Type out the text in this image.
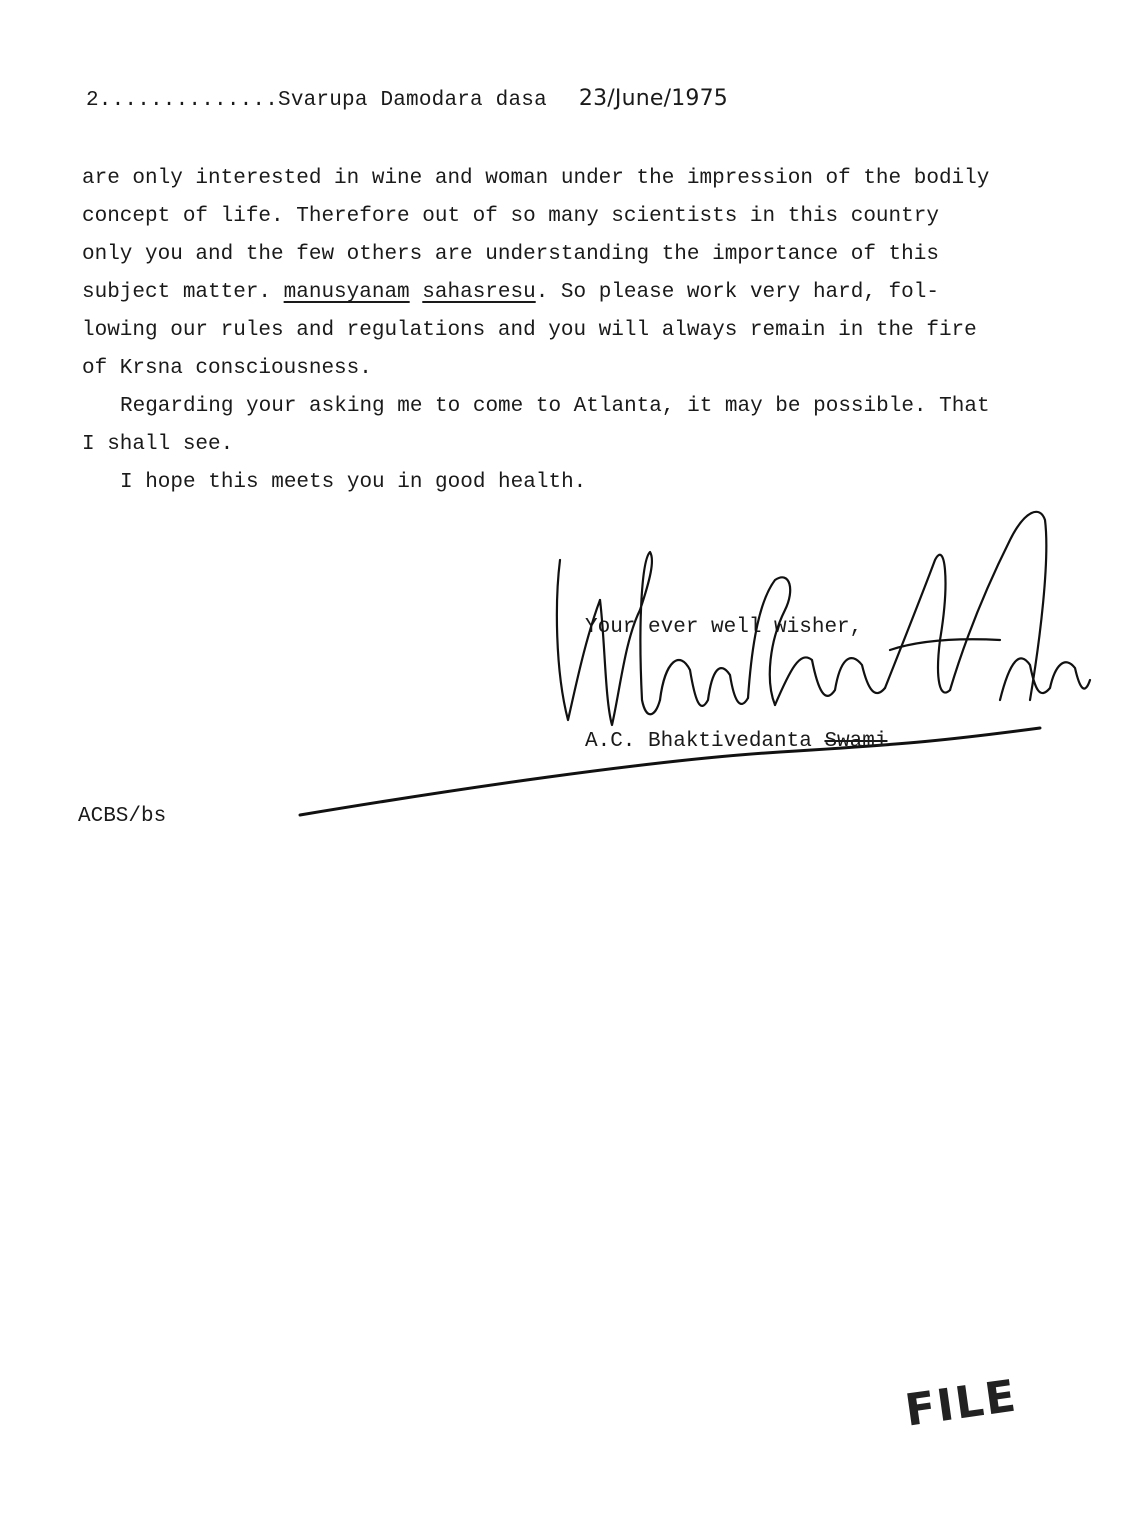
2..............Svarupa Damodara dasa 23/June/1975
are only interested in wine and woman under the impression of the bodily
concept of life. Therefore out of so many scientists in this country
only you and the few others are understanding the importance of this
subject matter. manusyanam sahasresu. So please work very hard, fol-
lowing our rules and regulations and you will always remain in the fire
of Krsna consciousness.
Regarding your asking me to come to Atlanta, it may be possible. That
I shall see.
I hope this meets you in good health.
Your ever well wisher,
A.C. Bhaktivedanta Swami
ACBS/bs
FILE
